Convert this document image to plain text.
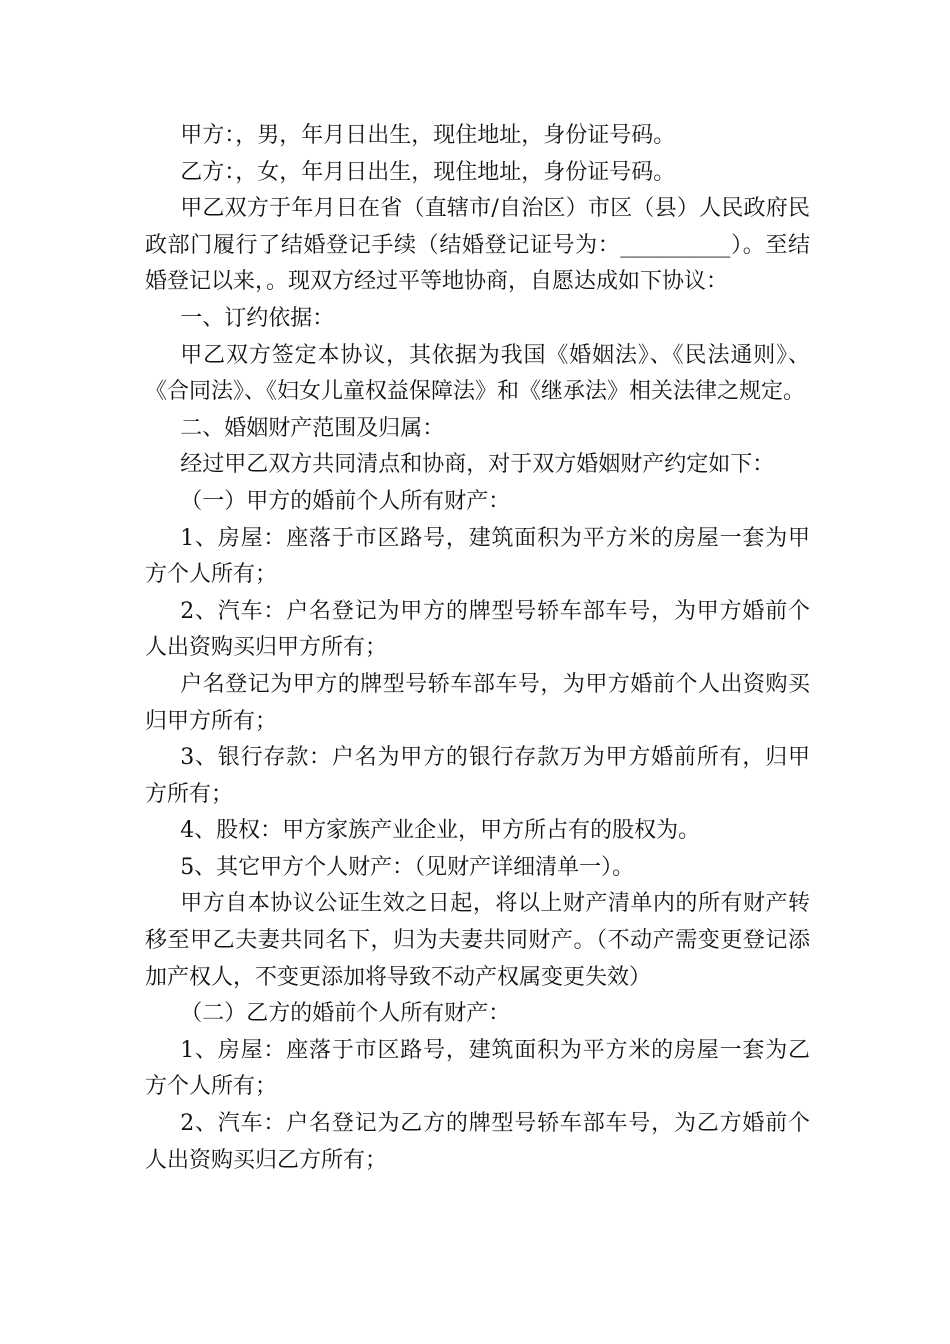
甲方：，男，年月日出生，现住地址，身份证号码。

乙方：，女，年月日出生，现住地址，身份证号码。

甲乙双方于年月日在省（直辖市/自治区）市区（县）人民政府民政部门履行了结婚登记手续（结婚登记证号为：__________）。至结婚登记以来，。现双方经过平等地协商，自愿达成如下协议：

一、订约依据：

甲乙双方签定本协议，其依据为我国《婚姻法》、《民法通则》、《合同法》、《妇女儿童权益保障法》和《继承法》相关法律之规定。

二、婚姻财产范围及归属：

经过甲乙双方共同清点和协商，对于双方婚姻财产约定如下：

（一）甲方的婚前个人所有财产：

1、房屋：座落于市区路号，建筑面积为平方米的房屋一套为甲方个人所有；

2、汽车：户名登记为甲方的牌型号轿车部车号，为甲方婚前个人出资购买归甲方所有；

户名登记为甲方的牌型号轿车部车号，为甲方婚前个人出资购买归甲方所有；

3、银行存款：户名为甲方的银行存款万为甲方婚前所有，归甲方所有；

4、股权：甲方家族产业企业，甲方所占有的股权为。

5、其它甲方个人财产：（见财产详细清单一）。

甲方自本协议公证生效之日起，将以上财产清单内的所有财产转移至甲乙夫妻共同名下，归为夫妻共同财产。（不动产需变更登记添加产权人，不变更添加将导致不动产权属变更失效）

（二）乙方的婚前个人所有财产：

1、房屋：座落于市区路号，建筑面积为平方米的房屋一套为乙方个人所有；

2、汽车：户名登记为乙方的牌型号轿车部车号，为乙方婚前个人出资购买归乙方所有；
